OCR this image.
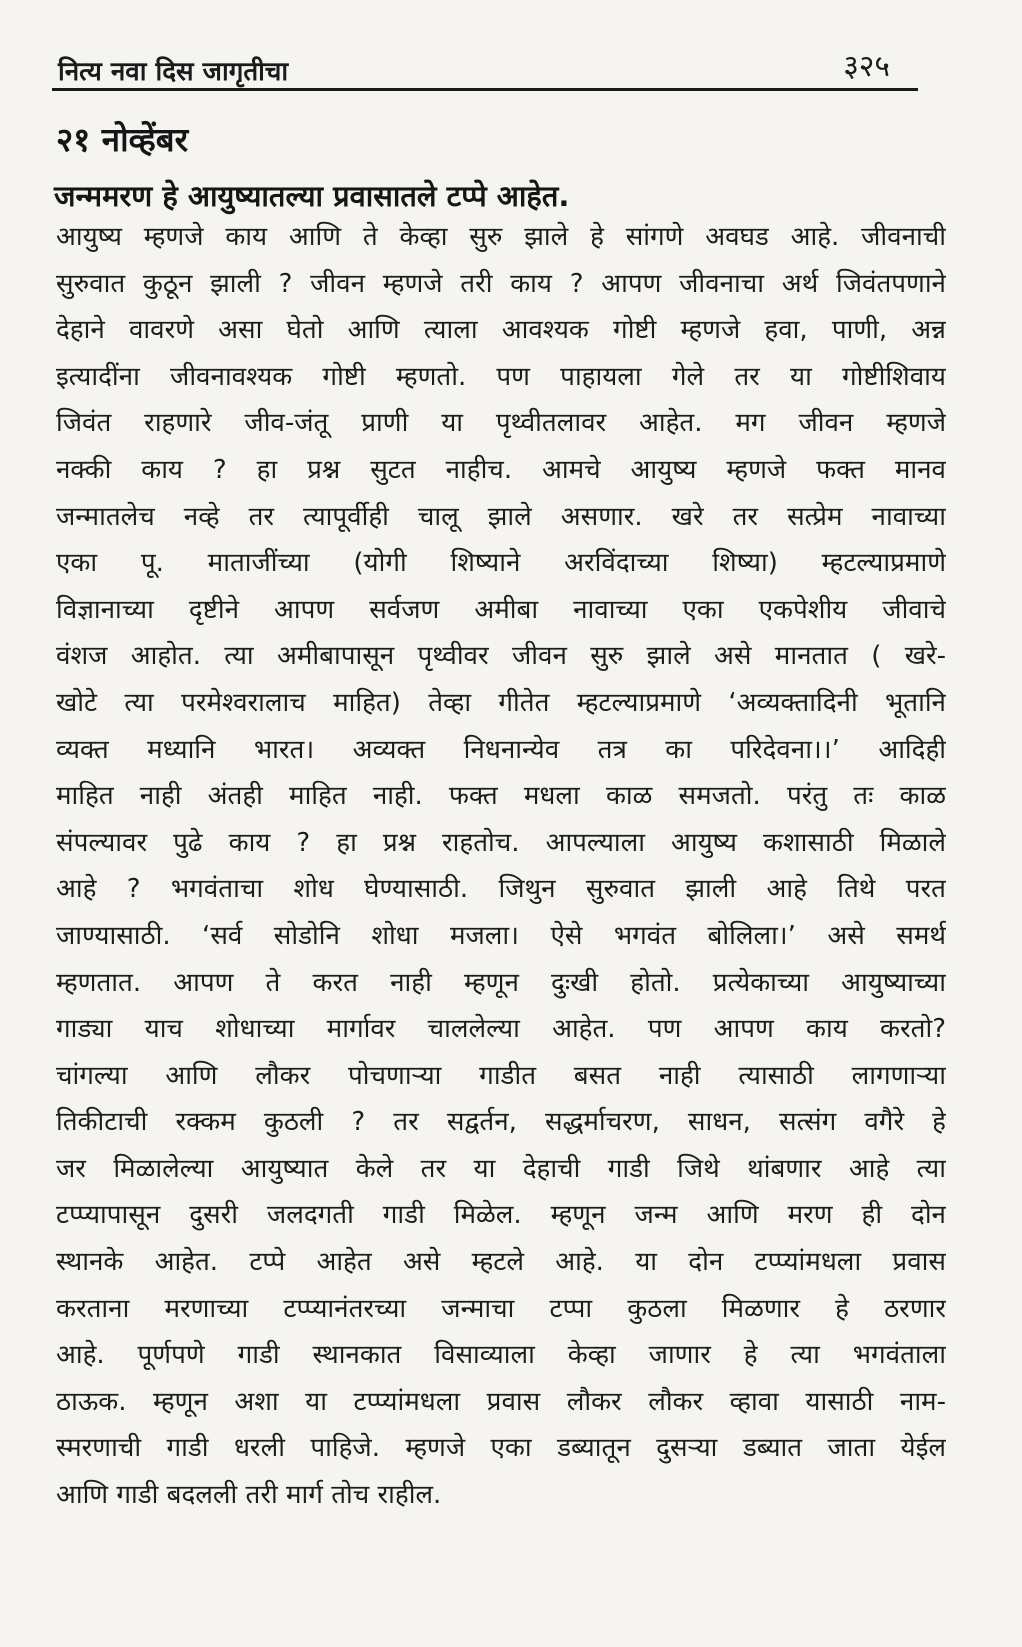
नित्य नवा दिस जागृतीचा	३२५
२१ नोव्हेंबर
जन्ममरण हे आयुष्यातल्या प्रवासातले टप्पे आहेत.
आयुष्य म्हणजे काय आणि ते केव्हा सुरु झाले हे सांगणे अवघड आहे. जीवनाची
सुरुवात कुठून झाली ? जीवन म्हणजे तरी काय ? आपण जीवनाचा अर्थ जिवंतपणाने
देहाने वावरणे असा घेतो आणि त्याला आवश्यक गोष्टी म्हणजे हवा, पाणी, अन्न
इत्यादींना जीवनावश्यक गोष्टी म्हणतो. पण पाहायला गेले तर या गोष्टीशिवाय
जिवंत राहणारे जीव-जंतू प्राणी या पृथ्वीतलावर आहेत. मग जीवन म्हणजे
नक्की काय ? हा प्रश्न सुटत नाहीच. आमचे आयुष्य म्हणजे फक्त मानव
जन्मातलेच नव्हे तर त्यापूर्वीही चालू झाले असणार. खरे तर सत्प्रेम नावाच्या
एका पू. माताजींच्या (योगी शिष्याने अरविंदाच्या शिष्या) म्हटल्याप्रमाणे
विज्ञानाच्या दृष्टीने आपण सर्वजण अमीबा नावाच्या एका एकपेशीय जीवाचे
वंशज आहोत. त्या अमीबापासून पृथ्वीवर जीवन सुरु झाले असे मानतात ( खरे-
खोटे त्या परमेश्वरालाच माहित) तेव्हा गीतेत म्हटल्याप्रमाणे ‘अव्यक्तादिनी भूतानि
व्यक्त मध्यानि भारत। अव्यक्त निधनान्येव तत्र का परिदेवना।।’ आदिही
माहित नाही अंतही माहित नाही. फक्त मधला काळ समजतो. परंतु तः काळ
संपल्यावर पुढे काय ? हा प्रश्न राहतोच. आपल्याला आयुष्य कशासाठी मिळाले
आहे ? भगवंताचा शोध घेण्यासाठी. जिथुन सुरुवात झाली आहे तिथे परत
जाण्यासाठी. ‘सर्व सोडोनि शोधा मजला। ऐसे भगवंत बोलिला।’ असे समर्थ
म्हणतात. आपण ते करत नाही म्हणून दुःखी होतो. प्रत्येकाच्या आयुष्याच्या
गाड्या याच शोधाच्या मार्गावर चाललेल्या आहेत. पण आपण काय करतो?
चांगल्या आणि लौकर पोचणाऱ्या गाडीत बसत नाही त्यासाठी लागणाऱ्या
तिकीटाची रक्कम कुठली ? तर सद्वर्तन, सद्धर्माचरण, साधन, सत्संग वगैरे हे
जर मिळालेल्या आयुष्यात केले तर या देहाची गाडी जिथे थांबणार आहे त्या
टप्प्यापासून दुसरी जलदगती गाडी मिळेल. म्हणून जन्म आणि मरण ही दोन
स्थानके आहेत. टप्पे आहेत असे म्हटले आहे. या दोन टप्प्यांमधला प्रवास
करताना मरणाच्या टप्प्यानंतरच्या जन्माचा टप्पा कुठला मिळणार हे ठरणार
आहे. पूर्णपणे गाडी स्थानकात विसाव्याला केव्हा जाणार हे त्या भगवंताला
ठाऊक. म्हणून अशा या टप्प्यांमधला प्रवास लौकर लौकर व्हावा यासाठी नाम-
स्मरणाची गाडी धरली पाहिजे. म्हणजे एका डब्यातून दुसऱ्या डब्यात जाता येईल
आणि गाडी बदलली तरी मार्ग तोच राहील.
